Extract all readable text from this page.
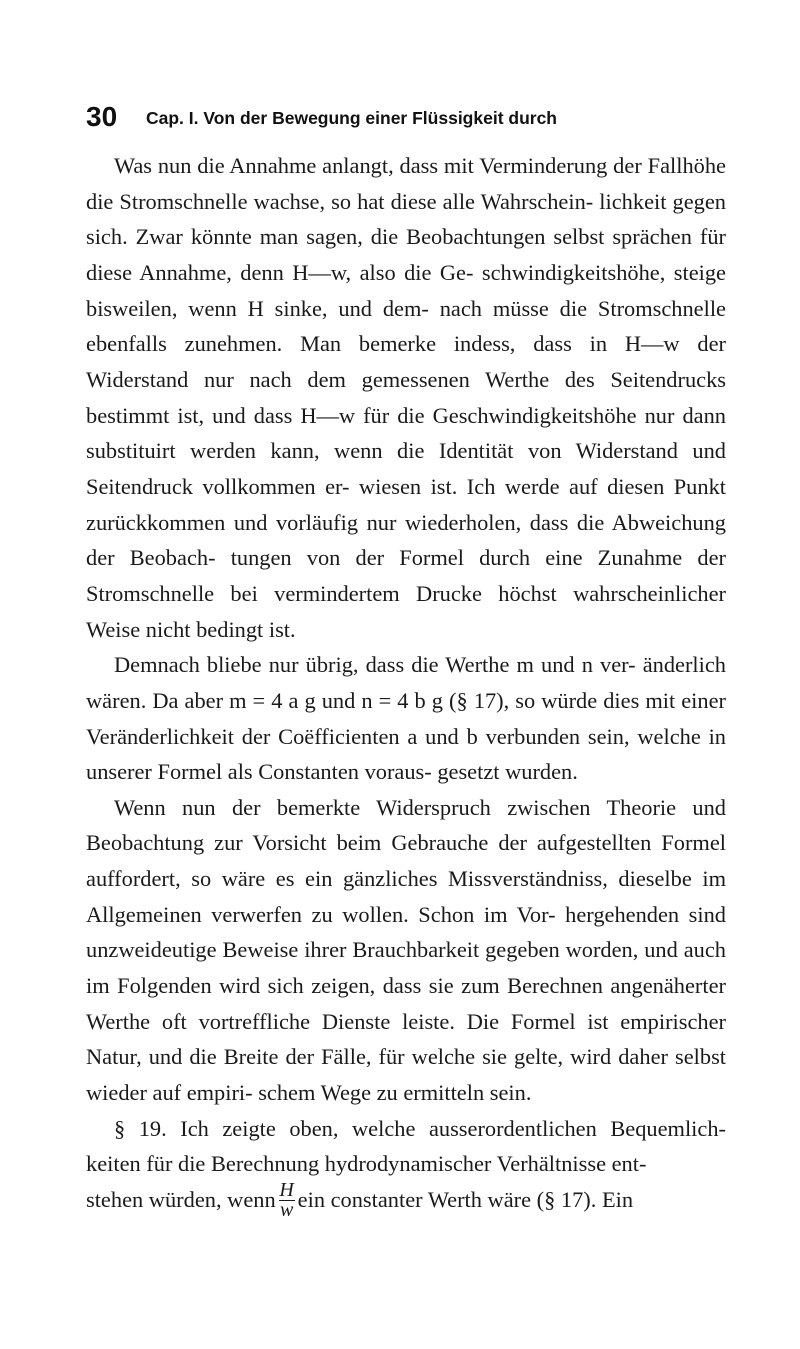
30 Cap. I. Von der Bewegung einer Flüssigkeit durch

Was nun die Annahme anlangt, dass mit Verminderung der Fallhöhe die Stromschnelle wachse, so hat diese alle Wahrschein- lichkeit gegen sich. Zwar könnte man sagen, die Beobachtungen selbst sprächen für diese Annahme, denn H—w, also die Ge- schwindigkeitshöhe, steige bisweilen, wenn H sinke, und dem- nach müsse die Stromschnelle ebenfalls zunehmen. Man bemerke indess, dass in H—w der Widerstand nur nach dem gemessenen Werthe des Seitendrucks bestimmt ist, und dass H—w für die Geschwindigkeitshöhe nur dann substituirt werden kann, wenn die Identität von Widerstand und Seitendruck vollkommen er- wiesen ist. Ich werde auf diesen Punkt zurückkommen und vorläufig nur wiederholen, dass die Abweichung der Beobach- tungen von der Formel durch eine Zunahme der Stromschnelle bei vermindertem Drucke höchst wahrscheinlicher Weise nicht bedingt ist.

Demnach bliebe nur übrig, dass die Werthe m und n ver- änderlich wären. Da aber m = 4 a g und n = 4 b g (§ 17), so würde dies mit einer Veränderlichkeit der Coëfficienten a und b verbunden sein, welche in unserer Formel als Constanten voraus- gesetzt wurden.

Wenn nun der bemerkte Widerspruch zwischen Theorie und Beobachtung zur Vorsicht beim Gebrauche der aufgestellten Formel auffordert, so wäre es ein gänzliches Missverständniss, dieselbe im Allgemeinen verwerfen zu wollen. Schon im Vor- hergehenden sind unzweideutige Beweise ihrer Brauchbarkeit gegeben worden, und auch im Folgenden wird sich zeigen, dass sie zum Berechnen angenäherter Werthe oft vortreffliche Dienste leiste. Die Formel ist empirischer Natur, und die Breite der Fälle, für welche sie gelte, wird daher selbst wieder auf empiri- schem Wege zu ermitteln sein.

§ 19. Ich zeigte oben, welche ausserordentlichen Bequemlich- keiten für die Berechnung hydrodynamischer Verhältnisse ent-

stehen würden, wenn $\frac{H}{w}$ ein constanter Werth wäre (§ 17). Ein
